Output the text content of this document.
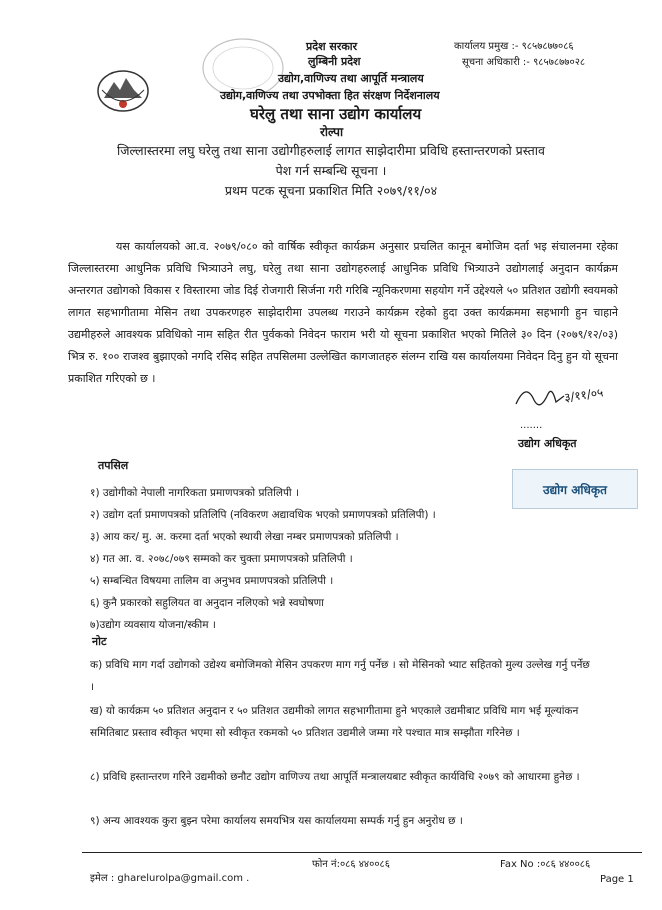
प्रदेश सरकार
लुम्बिनी प्रदेश
उद्योग,वाणिज्य तथा आपूर्ति मन्त्रालय
उद्योग,वाणिज्य तथा उपभोक्ता हित संरक्षण निर्देशनालय
घरेलु तथा साना उद्योग कार्यालय
रोल्पा
कार्यालय प्रमुख :- ९८५७८७७०८६
सूचना अधिकारी :- ९८५७८७७०२८
जिल्लास्तरमा लघु घरेलु तथा साना उद्योगीहरुलाई लागत साझेदारीमा प्रविधि हस्तान्तरणको प्रस्ताव
पेश गर्न सम्बन्धि सूचना ।
प्रथम पटक सूचना प्रकाशित मिति २०७९/११/०४
यस कार्यालयको आ.व. २०७९/०८० को वार्षिक स्वीकृत कार्यक्रम अनुसार प्रचलित कानून बमोजिम दर्ता भइ संचालनमा रहेका जिल्लास्तरमा आधुनिक प्रविधि भित्र्याउने लघु, घरेलु तथा साना उद्योगहरुलाई आधुनिक प्रविधि भित्र्याउने उद्योगलाई अनुदान कार्यक्रम अन्तरगत उद्योगको विकास र विस्तारमा जोड दिई रोजगारी सिर्जना गरी गरिबि न्यूनिकरणमा सहयोग गर्ने उद्देश्यले ५० प्रतिशत उद्योगी स्वयमको लागत सहभागीतामा मेसिन तथा उपकरणहरु साझेदारीमा उपलब्ध गराउने कार्यक्रम रहेको हुदा उक्त कार्यक्रममा सहभागी हुन चाहाने उद्यमीहरुले आवश्यक प्रविधिको नाम सहित रीत पुर्वकको निवेदन फाराम भरी यो सूचना प्रकाशित भएको मितिले ३० दिन (२०७९/१२/०३) भित्र रु. १०० राजश्व बुझाएको नगदि रसिद सहित तपसिलमा उल्लेखित कागजातहरु संलग्न राखि यस कार्यालयमा निवेदन दिनु हुन यो सूचना प्रकाशित गरिएको छ ।
३/११/०५
.......
उद्योग अधिकृत
उद्योग अधिकृत
तपसिल
१) उद्योगीको नेपाली नागरिकता प्रमाणपत्रको प्रतिलिपी ।
२) उद्योग दर्ता प्रमाणपत्रको प्रतिलिपि (नविकरण अद्यावधिक भएको प्रमाणपत्रको प्रतिलिपी) ।
३) आय कर/ मु. अ. करमा दर्ता भएको स्थायी लेखा नम्बर प्रमाणपत्रको प्रतिलिपी ।
४) गत आ. व. २०७८/०७९ सम्मको कर चुक्ता प्रमाणपत्रको प्रतिलिपी ।
५) सम्बन्धित विषयमा तालिम वा अनुभव प्रमाणपत्रको प्रतिलिपी ।
६) कुनै प्रकारको सहुलियत वा अनुदान नलिएको भन्ने स्वघोषणा
७)उद्योग व्यवसाय योजना/स्कीम ।
नोट
क) प्रविधि माग गर्दा उद्योगको उद्येश्य बमोजिमको मेसिन उपकरण माग गर्नु पर्नेछ । सो मेसिनको भ्याट सहितको मुल्य उल्लेख गर्नु पर्नेछ ।
ख) यो कार्यक्रम ५० प्रतिशत अनुदान र ५० प्रतिशत उद्यमीको लागत सहभागीतामा हुने भएकाले उद्यमीबाट प्रविधि माग भई मूल्यांकन समितिबाट प्रस्ताव स्वीकृत भएमा सो स्वीकृत रकमको ५० प्रतिशत उद्यमीले जम्मा गरे पश्चात मात्र सम्झौता गरिनेछ ।
८) प्रविधि हस्तान्तरण गरिने उद्यमीको छनौट उद्योग वाणिज्य तथा आपूर्ति मन्त्रालयबाट स्वीकृत कार्यविधि २०७९ को आधारमा हुनेछ ।
९) अन्य आवश्यक कुरा बुझ्न परेमा कार्यालय समयभित्र यस कार्यालयमा सम्पर्क गर्नु हुन अनुरोध छ ।
फोन नं:०८६ ४४००८६	Fax No :०८६ ४४००८६
इमेल : gharelurolpa@gmail.com .	Page 1
